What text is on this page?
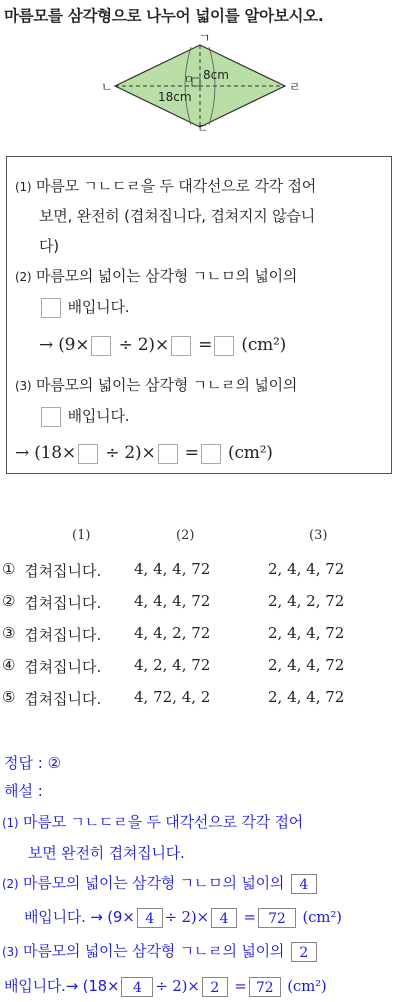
마름모를 삼각형으로 나누어 넓이를 알아보시오.
ㄱ
ㄴ
ㄷ
ㄹ
ㅁ 8cm
18cm
(1) 마름모 ㄱㄴㄷㄹ을 두 대각선으로 각각 접어
보면, 완전히 (겹쳐집니다, 겹쳐지지 않습니
다)
(2) 마름모의 넓이는 삼각형 ㄱㄴㅁ의 넓이의
배입니다.
→ (9× ÷ 2)× = (cm²)
(3) 마름모의 넓이는 삼각형 ㄱㄴㄹ의 넓이의
배입니다.
→ (18× ÷ 2)× = (cm²)
(1)	(2)	(3)
① 겹쳐집니다. 4, 4, 4, 72	2, 4, 4, 72
② 겹쳐집니다. 4, 4, 4, 72	2, 4, 2, 72
③ 겹쳐집니다. 4, 4, 2, 72	2, 4, 4, 72
④ 겹쳐집니다. 4, 2, 4, 72	2, 4, 4, 72
⑤ 겹쳐집니다. 4, 72, 4, 2	2, 4, 4, 72
정답 : ②
해설 :
(1) 마름모 ㄱㄴㄷㄹ을 두 대각선으로 각각 접어
보면 완전히 겹쳐집니다.
(2) 마름모의 넓이는 삼각형 ㄱㄴㅁ의 넓이의 4
배입니다. → (9× 4 ÷ 2)× 4 = 72 (cm²)
(3) 마름모의 넓이는 삼각형 ㄱㄴㄹ의 넓이의 2
배입니다.→ (18× 4 ÷ 2)× 2 = 72 (cm²)
